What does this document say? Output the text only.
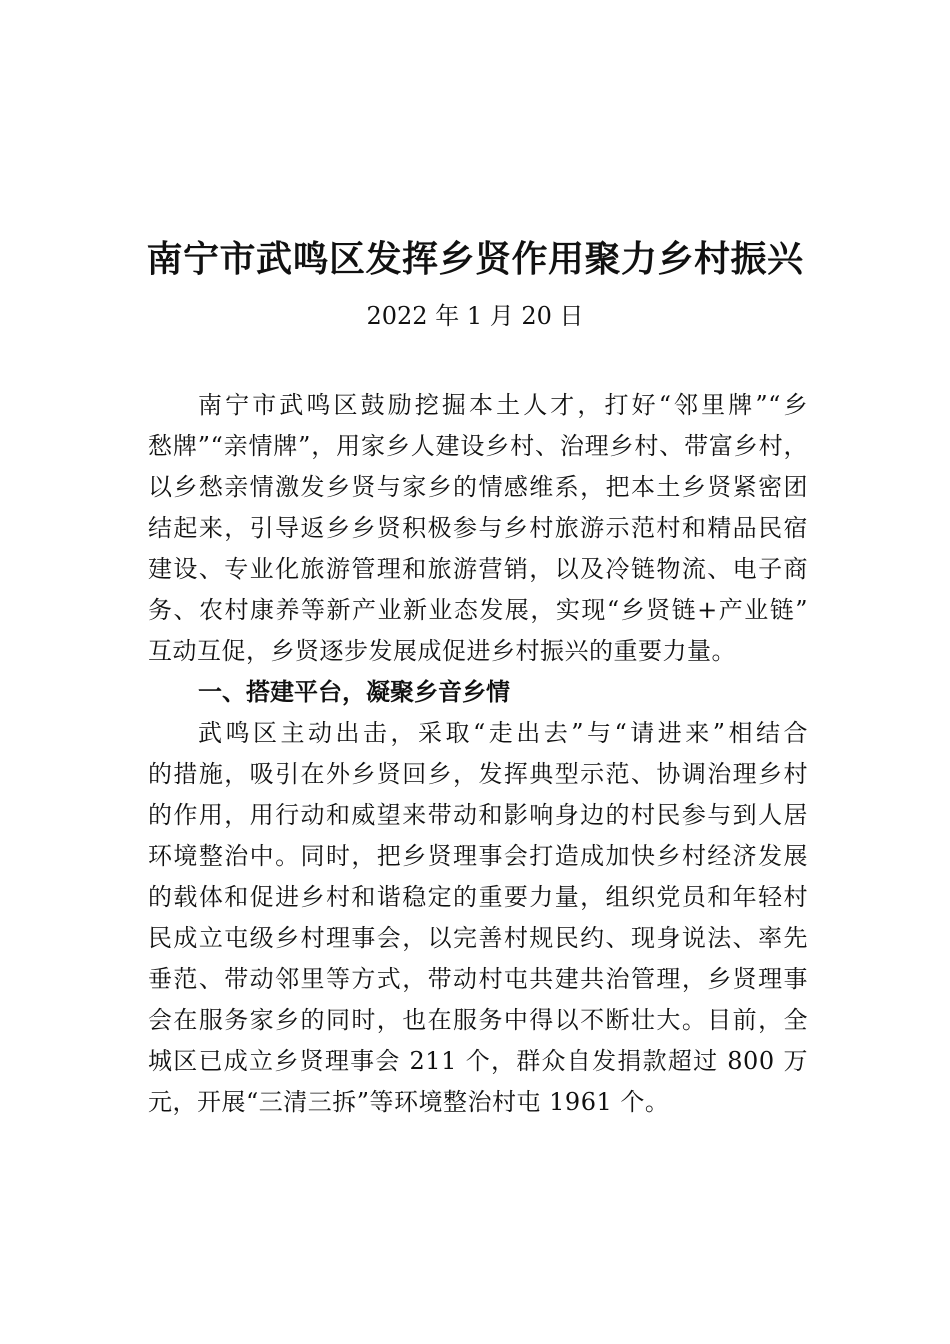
南宁市武鸣区发挥乡贤作用聚力乡村振兴
2022 年 1 月 20 日
南宁市武鸣区鼓励挖掘本土人才，打好“邻里牌”“乡
愁牌”“亲情牌”，用家乡人建设乡村、治理乡村、带富乡村，
以乡愁亲情激发乡贤与家乡的情感维系，把本土乡贤紧密团
结起来，引导返乡乡贤积极参与乡村旅游示范村和精品民宿
建设、专业化旅游管理和旅游营销，以及冷链物流、电子商
务、农村康养等新产业新业态发展，实现“乡贤链+产业链”
互动互促，乡贤逐步发展成促进乡村振兴的重要力量。
一、搭建平台，凝聚乡音乡情
武鸣区主动出击，采取“走出去”与“请进来”相结合
的措施，吸引在外乡贤回乡，发挥典型示范、协调治理乡村
的作用，用行动和威望来带动和影响身边的村民参与到人居
环境整治中。同时，把乡贤理事会打造成加快乡村经济发展
的载体和促进乡村和谐稳定的重要力量，组织党员和年轻村
民成立屯级乡村理事会，以完善村规民约、现身说法、率先
垂范、带动邻里等方式，带动村屯共建共治管理，乡贤理事
会在服务家乡的同时，也在服务中得以不断壮大。目前，全
城区已成立乡贤理事会 211 个，群众自发捐款超过 800 万
元，开展“三清三拆”等环境整治村屯 1961 个。
